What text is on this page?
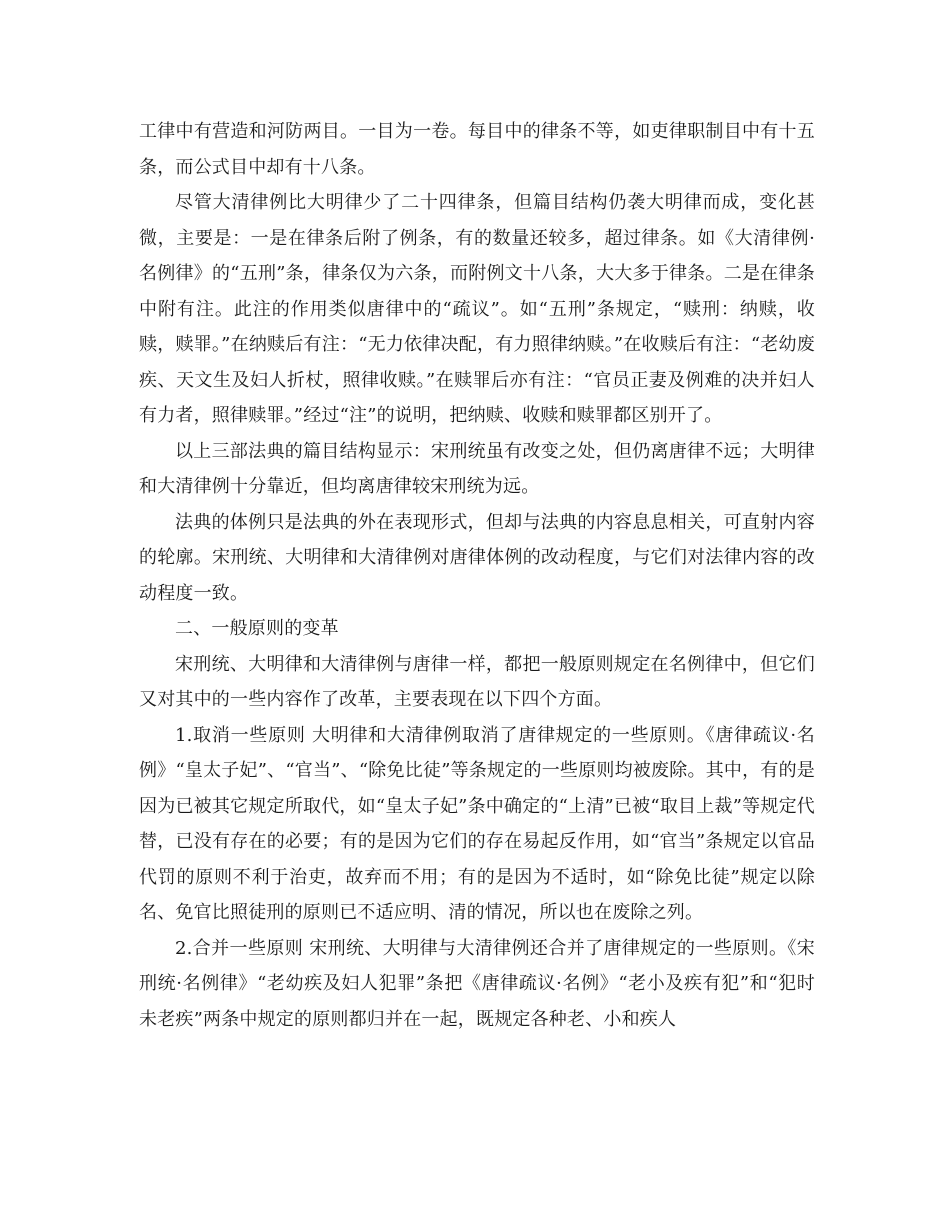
工律中有营造和河防两目。一目为一卷。每目中的律条不等，如吏律职制目中有十五条，而公式目中却有十八条。

尽管大清律例比大明律少了二十四律条，但篇目结构仍袭大明律而成，变化甚微，主要是：一是在律条后附了例条，有的数量还较多，超过律条。如《大清律例·名例律》的“五刑”条，律条仅为六条，而附例文十八条，大大多于律条。二是在律条中附有注。此注的作用类似唐律中的“疏议”。如“五刑”条规定，“赎刑：纳赎，收赎，赎罪。”在纳赎后有注：“无力依律决配，有力照律纳赎。”在收赎后有注：“老幼废疾、天文生及妇人折杖，照律收赎。”在赎罪后亦有注：“官员正妻及例难的决并妇人有力者，照律赎罪。”经过“注”的说明，把纳赎、收赎和赎罪都区别开了。

以上三部法典的篇目结构显示：宋刑统虽有改变之处，但仍离唐律不远；大明律和大清律例十分靠近，但均离唐律较宋刑统为远。

法典的体例只是法典的外在表现形式，但却与法典的内容息息相关，可直射内容的轮廓。宋刑统、大明律和大清律例对唐律体例的改动程度，与它们对法律内容的改动程度一致。

二、一般原则的变革

宋刑统、大明律和大清律例与唐律一样，都把一般原则规定在名例律中，但它们又对其中的一些内容作了改革，主要表现在以下四个方面。

1.取消一些原则 大明律和大清律例取消了唐律规定的一些原则。《唐律疏议·名例》“皇太子妃”、“官当”、“除免比徒”等条规定的一些原则均被废除。其中，有的是因为已被其它规定所取代，如“皇太子妃”条中确定的“上清”已被“取目上裁”等规定代替，已没有存在的必要；有的是因为它们的存在易起反作用，如“官当”条规定以官品代罚的原则不利于治吏，故弃而不用；有的是因为不适时，如“除免比徒”规定以除名、免官比照徒刑的原则已不适应明、清的情况，所以也在废除之列。

2.合并一些原则 宋刑统、大明律与大清律例还合并了唐律规定的一些原则。《宋刑统·名例律》“老幼疾及妇人犯罪”条把《唐律疏议·名例》“老小及疾有犯”和“犯时未老疾”两条中规定的原则都归并在一起，既规定各种老、小和疾人
